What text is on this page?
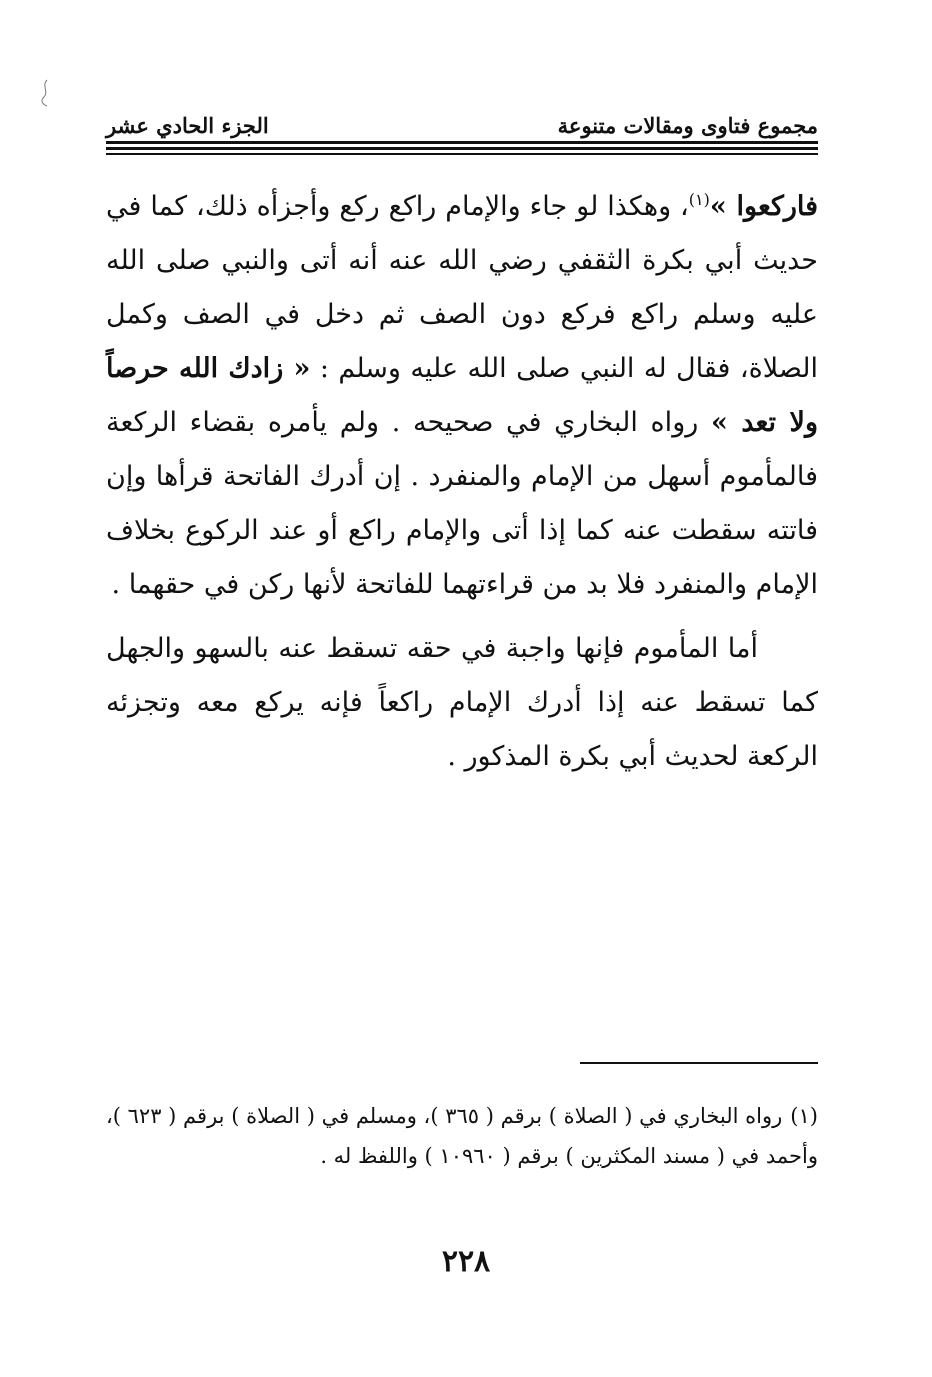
مجموع فتاوى ومقالات متنوعة
الجزء الحادي عشر

فاركعوا »$^{(١)}$، وهكذا لو جاء والإمام راكع ركع وأجزأه ذلك، كما في حديث أبي بكرة الثقفي رضي الله عنه أنه أتى والنبي صلى الله عليه وسلم راكع فركع دون الصف ثم دخل في الصف وكمل الصلاة، فقال له النبي صلى الله عليه وسلم : « زادك الله حرصاً ولا تعد » رواه البخاري في صحيحه . ولم يأمره بقضاء الركعة فالمأموم أسهل من الإمام والمنفرد . إن أدرك الفاتحة قرأها وإن فاتته سقطت عنه كما إذا أتى والإمام راكع أو عند الركوع بخلاف الإمام والمنفرد فلا بد من قراءتهما للفاتحة لأنها ركن في حقهما .

أما المأموم فإنها واجبة في حقه تسقط عنه بالسهو والجهل كما تسقط عنه إذا أدرك الإمام راكعاً فإنه يركع معه وتجزئه الركعة لحديث أبي بكرة المذكور .

(١)رواه البخاري في ( الصلاة ) برقم ( ٣٦٥ )، ومسلم في ( الصلاة ) برقم ( ٦٢٣ )، وأحمد في ( مسند المكثرين ) برقم ( ١٠٩٦٠ ) واللفظ له .

٢٢٨
